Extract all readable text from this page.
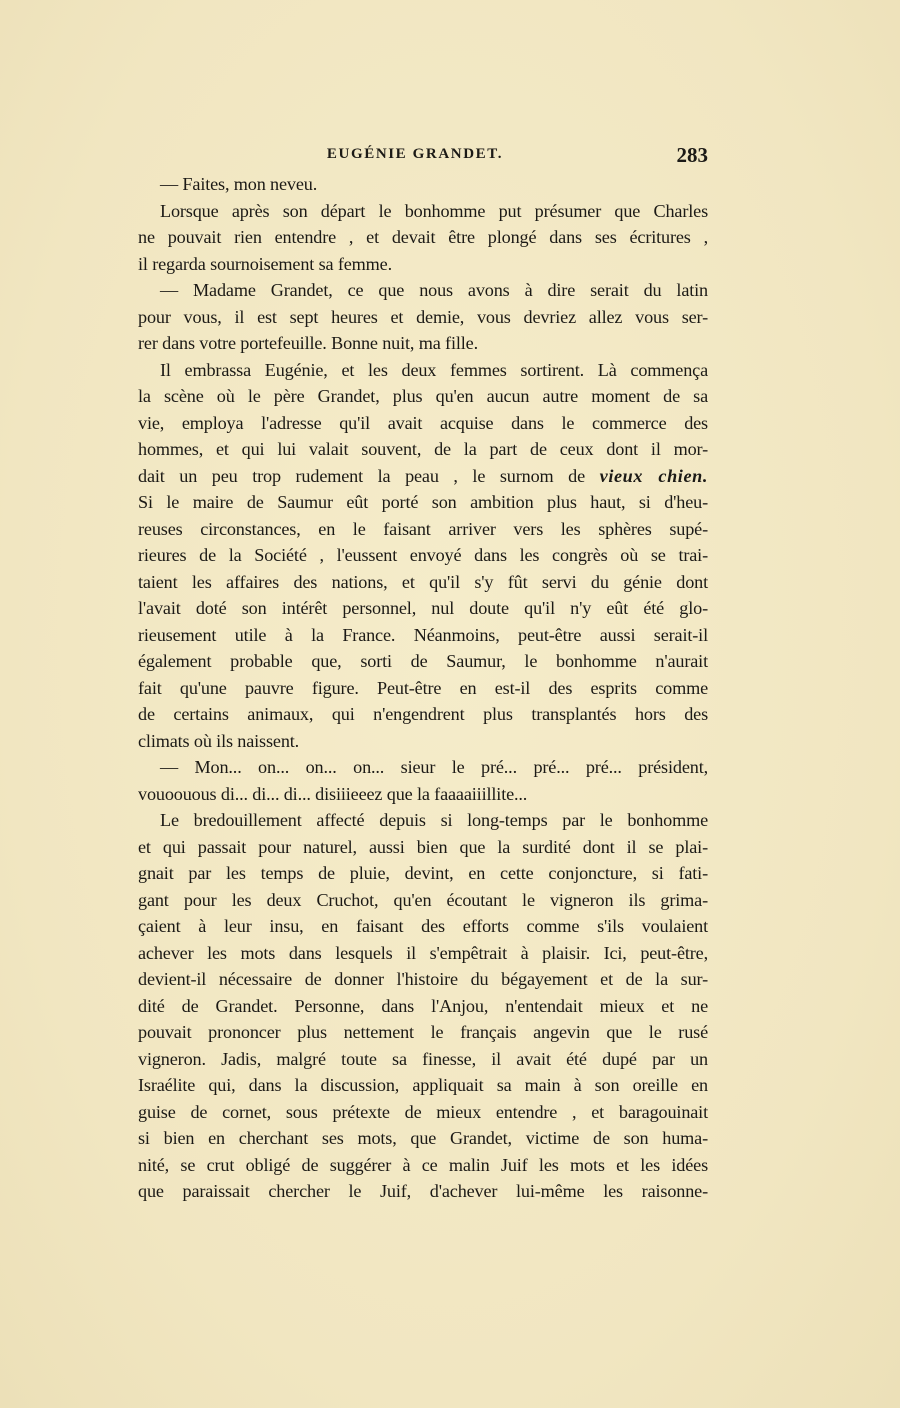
EUGÉNIE GRANDET.	283
— Faites, mon neveu.
Lorsque après son départ le bonhomme put présumer que Charles
ne pouvait rien entendre , et devait être plongé dans ses écritures ,
il regarda sournoisement sa femme.
— Madame Grandet, ce que nous avons à dire serait du latin
pour vous, il est sept heures et demie, vous devriez allez vous ser-
rer dans votre portefeuille. Bonne nuit, ma fille.
Il embrassa Eugénie, et les deux femmes sortirent. Là commença
la scène où le père Grandet, plus qu'en aucun autre moment de sa
vie, employa l'adresse qu'il avait acquise dans le commerce des
hommes, et qui lui valait souvent, de la part de ceux dont il mor-
dait un peu trop rudement la peau , le surnom de vieux chien.
Si le maire de Saumur eût porté son ambition plus haut, si d'heu-
reuses circonstances, en le faisant arriver vers les sphères supé-
rieures de la Société , l'eussent envoyé dans les congrès où se trai-
taient les affaires des nations, et qu'il s'y fût servi du génie dont
l'avait doté son intérêt personnel, nul doute qu'il n'y eût été glo-
rieusement utile à la France. Néanmoins, peut-être aussi serait-il
également probable que, sorti de Saumur, le bonhomme n'aurait
fait qu'une pauvre figure. Peut-être en est-il des esprits comme
de certains animaux, qui n'engendrent plus transplantés hors des
climats où ils naissent.
— Mon... on... on... on... sieur le pré... pré... pré... président,
vouoouous di... di... di... disiiieeez que la faaaaiiillite...
Le bredouillement affecté depuis si long-temps par le bonhomme
et qui passait pour naturel, aussi bien que la surdité dont il se plai-
gnait par les temps de pluie, devint, en cette conjoncture, si fati-
gant pour les deux Cruchot, qu'en écoutant le vigneron ils grima-
çaient à leur insu, en faisant des efforts comme s'ils voulaient
achever les mots dans lesquels il s'empêtrait à plaisir. Ici, peut-être,
devient-il nécessaire de donner l'histoire du bégayement et de la sur-
dité de Grandet. Personne, dans l'Anjou, n'entendait mieux et ne
pouvait prononcer plus nettement le français angevin que le rusé
vigneron. Jadis, malgré toute sa finesse, il avait été dupé par un
Israélite qui, dans la discussion, appliquait sa main à son oreille en
guise de cornet, sous prétexte de mieux entendre , et baragouinait
si bien en cherchant ses mots, que Grandet, victime de son huma-
nité, se crut obligé de suggérer à ce malin Juif les mots et les idées
que paraissait chercher le Juif, d'achever lui-même les raisonne-
